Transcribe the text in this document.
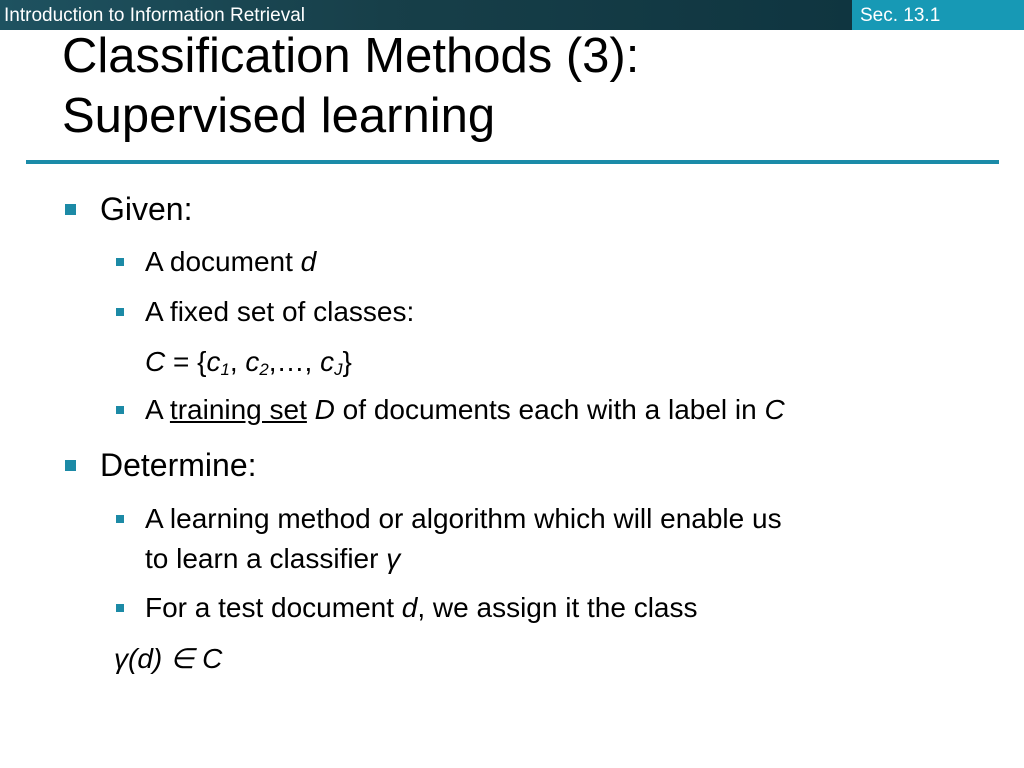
Introduction to Information Retrieval	Sec. 13.1
Classification Methods (3):
Supervised learning
Given:
A document d
A fixed set of classes:
$C = \{c_1$, $c_2,\dots$, $c_J$}
A training set D of documents each with a label in C
Determine:
A learning method or algorithm which will enable us
to learn a classifier γ
For a test document d, we assign it the class
γ(d) ∈ C
